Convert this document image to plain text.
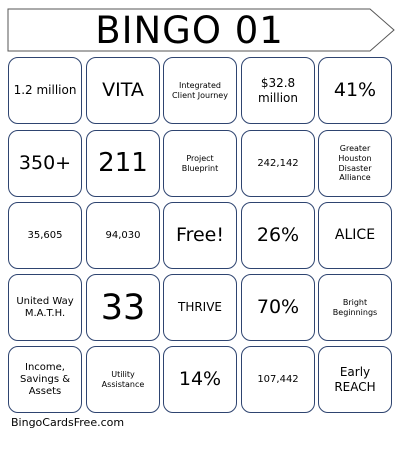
BINGO 01
1.2 million VITA	Integrated Client Journey
$32.8 million	41%
350+ 211	Project Blueprint	242,142
Greater Houston Disaster Alliance
35,605	94,030 Free! 26%	ALICE
United Way M.A.T.H.	33	THRIVE 70%	Bright Beginnings
Income, Savings & Assets
Utility Assistance	14%	107,442	Early REACH
BingoCardsFree.com
